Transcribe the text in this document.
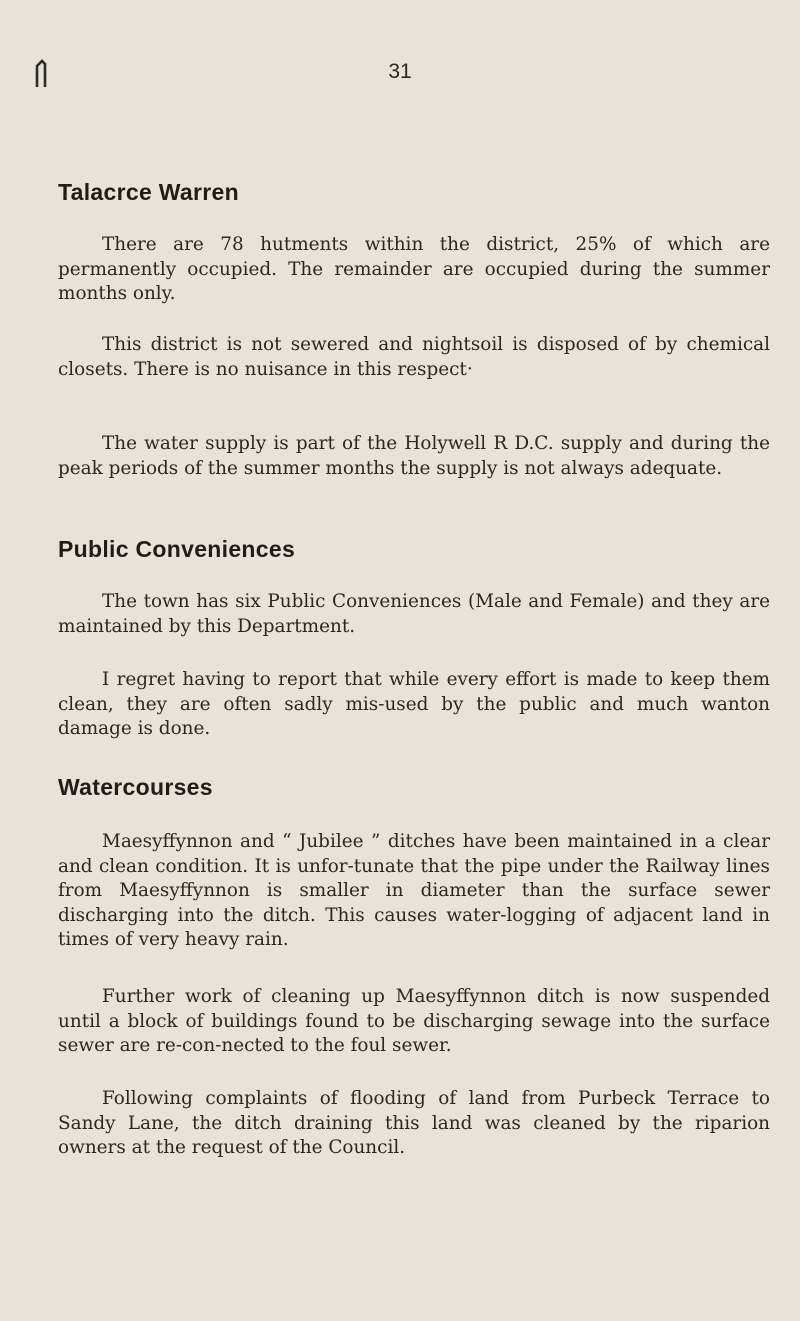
31
Talacrce Warren

There are 78 hutments within the district, 25% of which are permanently occupied. The remainder are occupied during the summer months only.

This district is not sewered and nightsoil is disposed of by chemical closets. There is no nuisance in this respect·

The water supply is part of the Holywell R D.C. supply and during the peak periods of the summer months the supply is not always adequate.

Public Conveniences

The town has six Public Conveniences (Male and Female) and they are maintained by this Department.

I regret having to report that while every effort is made to keep them clean, they are often sadly mis-used by the public and much wanton damage is done.

Watercourses

Maesyffynnon and “ Jubilee ” ditches have been maintained in a clear and clean condition. It is unfor-tunate that the pipe under the Railway lines from Maesyffynnon is smaller in diameter than the surface sewer discharging into the ditch. This causes water-logging of adjacent land in times of very heavy rain.

Further work of cleaning up Maesyffynnon ditch is now suspended until a block of buildings found to be discharging sewage into the surface sewer are re-con-nected to the foul sewer.

Following complaints of flooding of land from Purbeck Terrace to Sandy Lane, the ditch draining this land was cleaned by the riparion owners at the request of the Council.
